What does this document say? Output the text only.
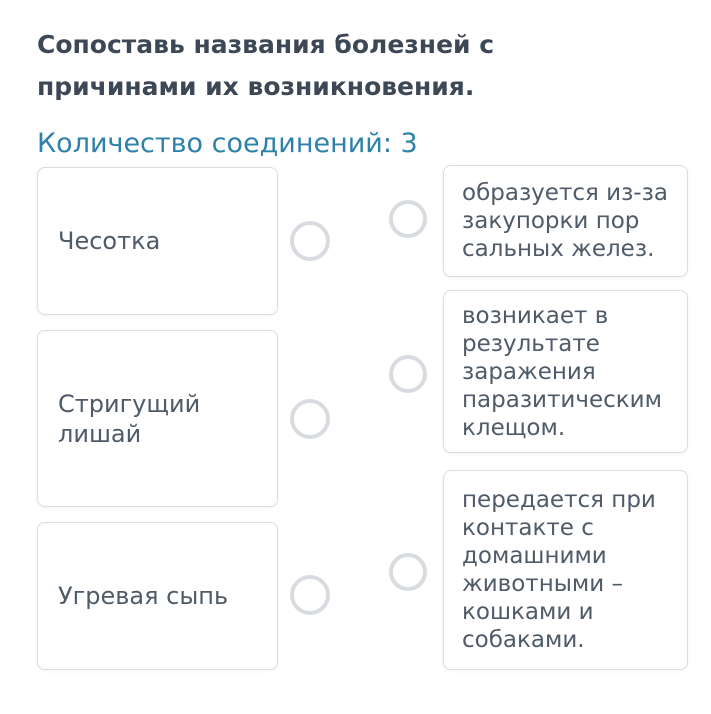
Сопоставь названия болезней с причинами их возникновения.
Количество соединений: 3
Чесотка
Стригущий лишай
Угревая сыпь
образуется из-за закупорки пор сальных желез.
возникает в результате заражения паразитическим клещом.
передается при контакте с домашними животными – кошками и собаками.
